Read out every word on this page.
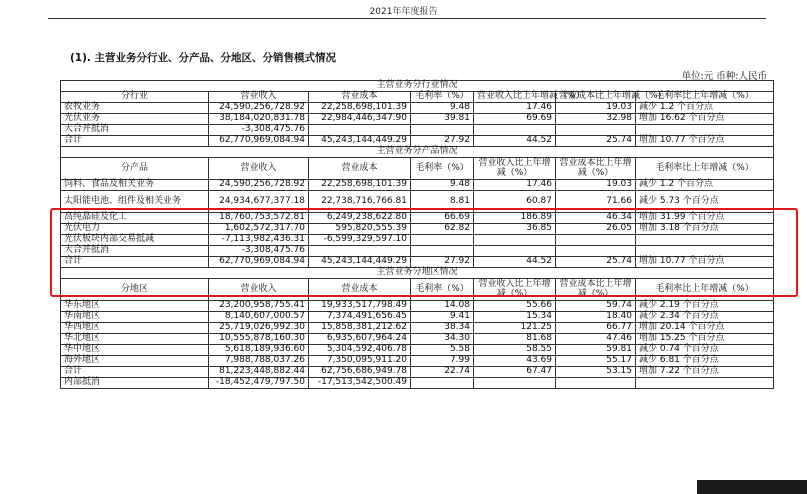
2021年年度报告
(1). 主营业务分行业、分产品、分地区、分销售模式情况
单位:元 币种:人民币
主营业务分行业情况						
分行业	营业收入	营业成本	毛利率（%）	营业收入比上年增减（%）	营业成本比上年增减（%）	毛利率比上年增减（%）
农牧业务	24,590,256,728.92	22,258,698,101.39	9.48	17.46	19.03	减少 1.2 个百分点
光伏业务	38,184,020,831.78	22,984,446,347.90	39.81	69.69	32.98	增加 16.62 个百分点
大合并抵消	-3,308,475.76					
合计	62,770,969,084.94	45,243,144,449.29	27.92	44.52	25.74	增加 10.77 个百分点
主营业务分产品情况						
分产品	营业收入	营业成本	毛利率（%）	营业收入比上年增减（%）	营业成本比上年增减（%）	毛利率比上年增减（%）
饲料、食品及相关业务	24,590,256,728.92	22,258,698,101.39	9.48	17.46	19.03	减少 1.2 个百分点
太阳能电池、组件及相关业务	24,934,677,377.18	22,738,716,766.81	8.81	60.87	71.66	减少 5.73 个百分点
高纯晶硅及化工	18,760,753,572.81	6,249,238,622.80	66.69	186.89	46.34	增加 31.99 个百分点
光伏电力	1,602,572,317.70	595,820,555.39	62.82	36.85	26.05	增加 3.18 个百分点
光伏板块内部交易抵减	-7,113,982,436.31	-6,599,329,597.10				
大合并抵消	-3,308,475.76					
合计	62,770,969,084.94	45,243,144,449.29	27.92	44.52	25.74	增加 10.77 个百分点
主营业务分地区情况						
分地区	营业收入	营业成本	毛利率（%）	营业收入比上年增减（%）	营业成本比上年增减（%）	毛利率比上年增减（%）
华东地区	23,200,958,755.41	19,933,517,798.49	14.08	55.66	59.74	减少 2.19 个百分点
华南地区	8,140,607,000.57	7,374,491,656.45	9.41	15.34	18.40	减少 2.34 个百分点
华西地区	25,719,026,992.30	15,858,381,212.62	38.34	121.25	66.77	增加 20.14 个百分点
华北地区	10,555,878,160.30	6,935,607,964.24	34.30	81.68	47.46	增加 15.25 个百分点
华中地区	5,618,189,936.60	5,304,592,406.78	5.58	58.55	59.81	减少 0.74 个百分点
海外地区	7,988,788,037.26	7,350,095,911.20	7.99	43.69	55.17	减少 6.81 个百分点
合计	81,223,448,882.44	62,756,686,949.78	22.74	67.47	53.15	增加 7.22 个百分点
内部抵消	-18,452,479,797.50	-17,513,542,500.49				
